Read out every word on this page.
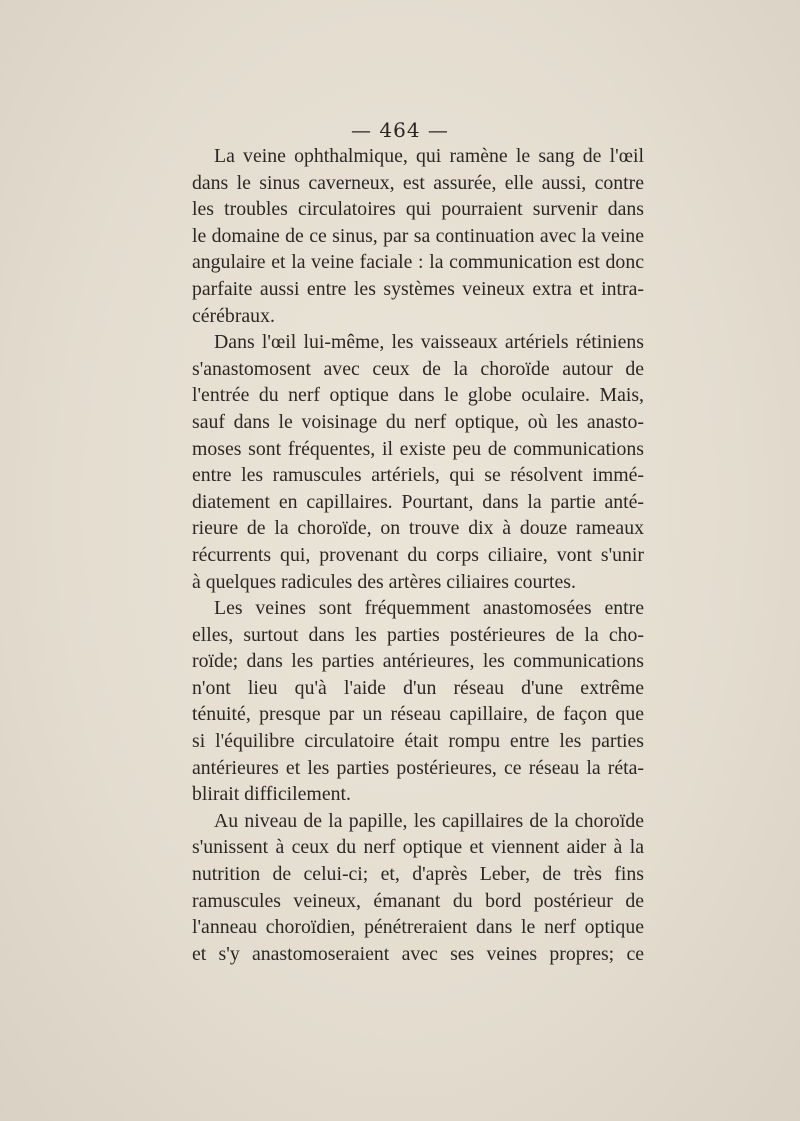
— 464 —

La veine ophthalmique, qui ramène le sang de l'œil
dans le sinus caverneux, est assurée, elle aussi, contre
les troubles circulatoires qui pourraient survenir dans
le domaine de ce sinus, par sa continuation avec la veine
angulaire et la veine faciale : la communication est donc
parfaite aussi entre les systèmes veineux extra et intra-
cérébraux.

Dans l'œil lui-même, les vaisseaux artériels rétiniens
s'anastomosent avec ceux de la choroïde autour de
l'entrée du nerf optique dans le globe oculaire. Mais,
sauf dans le voisinage du nerf optique, où les anasto-
moses sont fréquentes, il existe peu de communications
entre les ramuscules artériels, qui se résolvent immé-
diatement en capillaires. Pourtant, dans la partie anté-
rieure de la choroïde, on trouve dix à douze rameaux
récurrents qui, provenant du corps ciliaire, vont s'unir
à quelques radicules des artères ciliaires courtes.

Les veines sont fréquemment anastomosées entre
elles, surtout dans les parties postérieures de la cho-
roïde; dans les parties antérieures, les communications
n'ont lieu qu'à l'aide d'un réseau d'une extrême
ténuité, presque par un réseau capillaire, de façon que
si l'équilibre circulatoire était rompu entre les parties
antérieures et les parties postérieures, ce réseau la réta-
blirait difficilement.

Au niveau de la papille, les capillaires de la choroïde
s'unissent à ceux du nerf optique et viennent aider à la
nutrition de celui-ci; et, d'après Leber, de très fins
ramuscules veineux, émanant du bord postérieur de
l'anneau choroïdien, pénétreraient dans le nerf optique
et s'y anastomoseraient avec ses veines propres; ce
